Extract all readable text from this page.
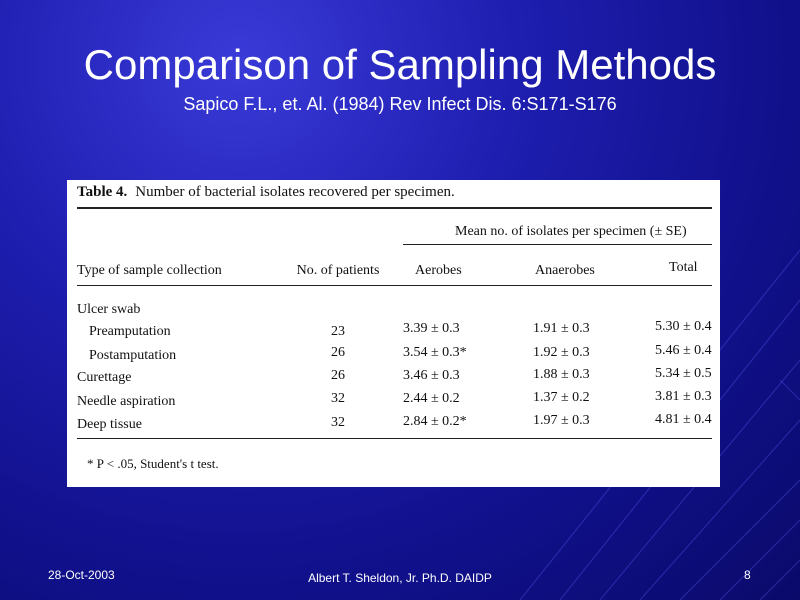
Comparison of Sampling Methods
Sapico F.L., et. Al. (1984) Rev Infect Dis. 6:S171-S176
Table 4. Number of bacterial isolates recovered per specimen.
Mean no. of isolates per specimen (± SE)
Type of sample collection	No. of patients	Aerobes	Anaerobes	Total
Ulcer swab
Preamputation	23	3.39 ± 0.3	1.91 ± 0.3	5.30 ± 0.4
Postamputation	26	3.54 ± 0.3*	1.92 ± 0.3	5.46 ± 0.4
Curettage	26	3.46 ± 0.3	1.88 ± 0.3	5.34 ± 0.5
Needle aspiration	32	2.44 ± 0.2	1.37 ± 0.2	3.81 ± 0.3
Deep tissue	32	2.84 ± 0.2*	1.97 ± 0.3	4.81 ± 0.4
* P < .05, Student's t test.
28-Oct-2003	Albert T. Sheldon, Jr. Ph.D. DAIDP	8
